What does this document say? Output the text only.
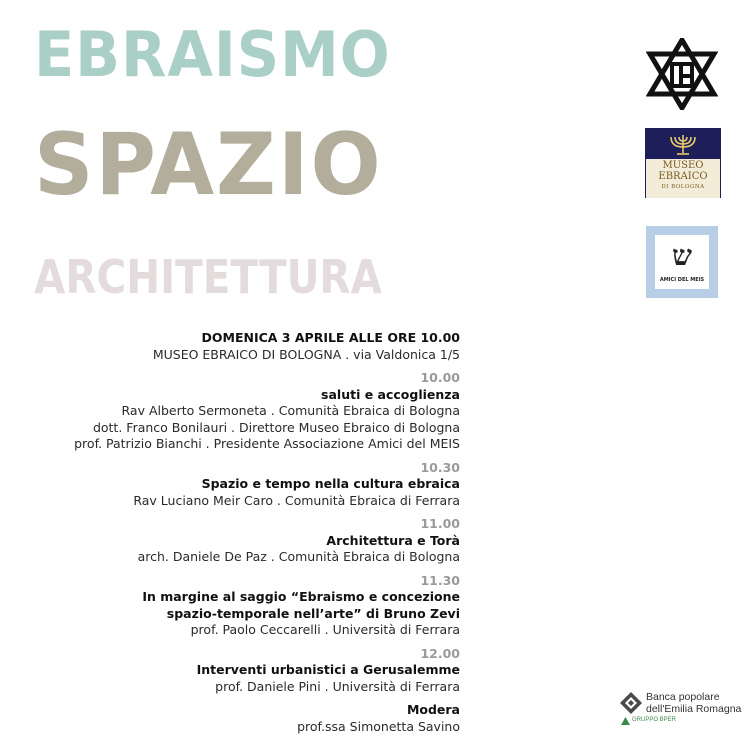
EBRAISMO
SPAZIO
ARCHITETTURA
DOMENICA 3 APRILE ALLE ORE 10.00
MUSEO EBRAICO DI BOLOGNA . via Valdonica 1/5
10.00
saluti e accoglienza
Rav Alberto Sermoneta . Comunità Ebraica di Bologna
dott. Franco Bonilauri . Direttore Museo Ebraico di Bologna
prof. Patrizio Bianchi . Presidente Associazione Amici del MEIS
10.30
Spazio e tempo nella cultura ebraica
Rav Luciano Meir Caro . Comunità Ebraica di Ferrara
11.00
Architettura e Torà
arch. Daniele De Paz . Comunità Ebraica di Bologna
11.30
In margine al saggio “Ebraismo e concezione
spazio-temporale nell’arte” di Bruno Zevi
prof. Paolo Ceccarelli . Università di Ferrara
12.00
Interventi urbanistici a Gerusalemme
prof. Daniele Pini . Università di Ferrara
Modera
prof.ssa Simonetta Savino
MUSEO
EBRAICO
DI BOLOGNA
ש
AMICI DEL MEIS
Banca popolare
dell'Emilia Romagna
GRUPPO BPER
